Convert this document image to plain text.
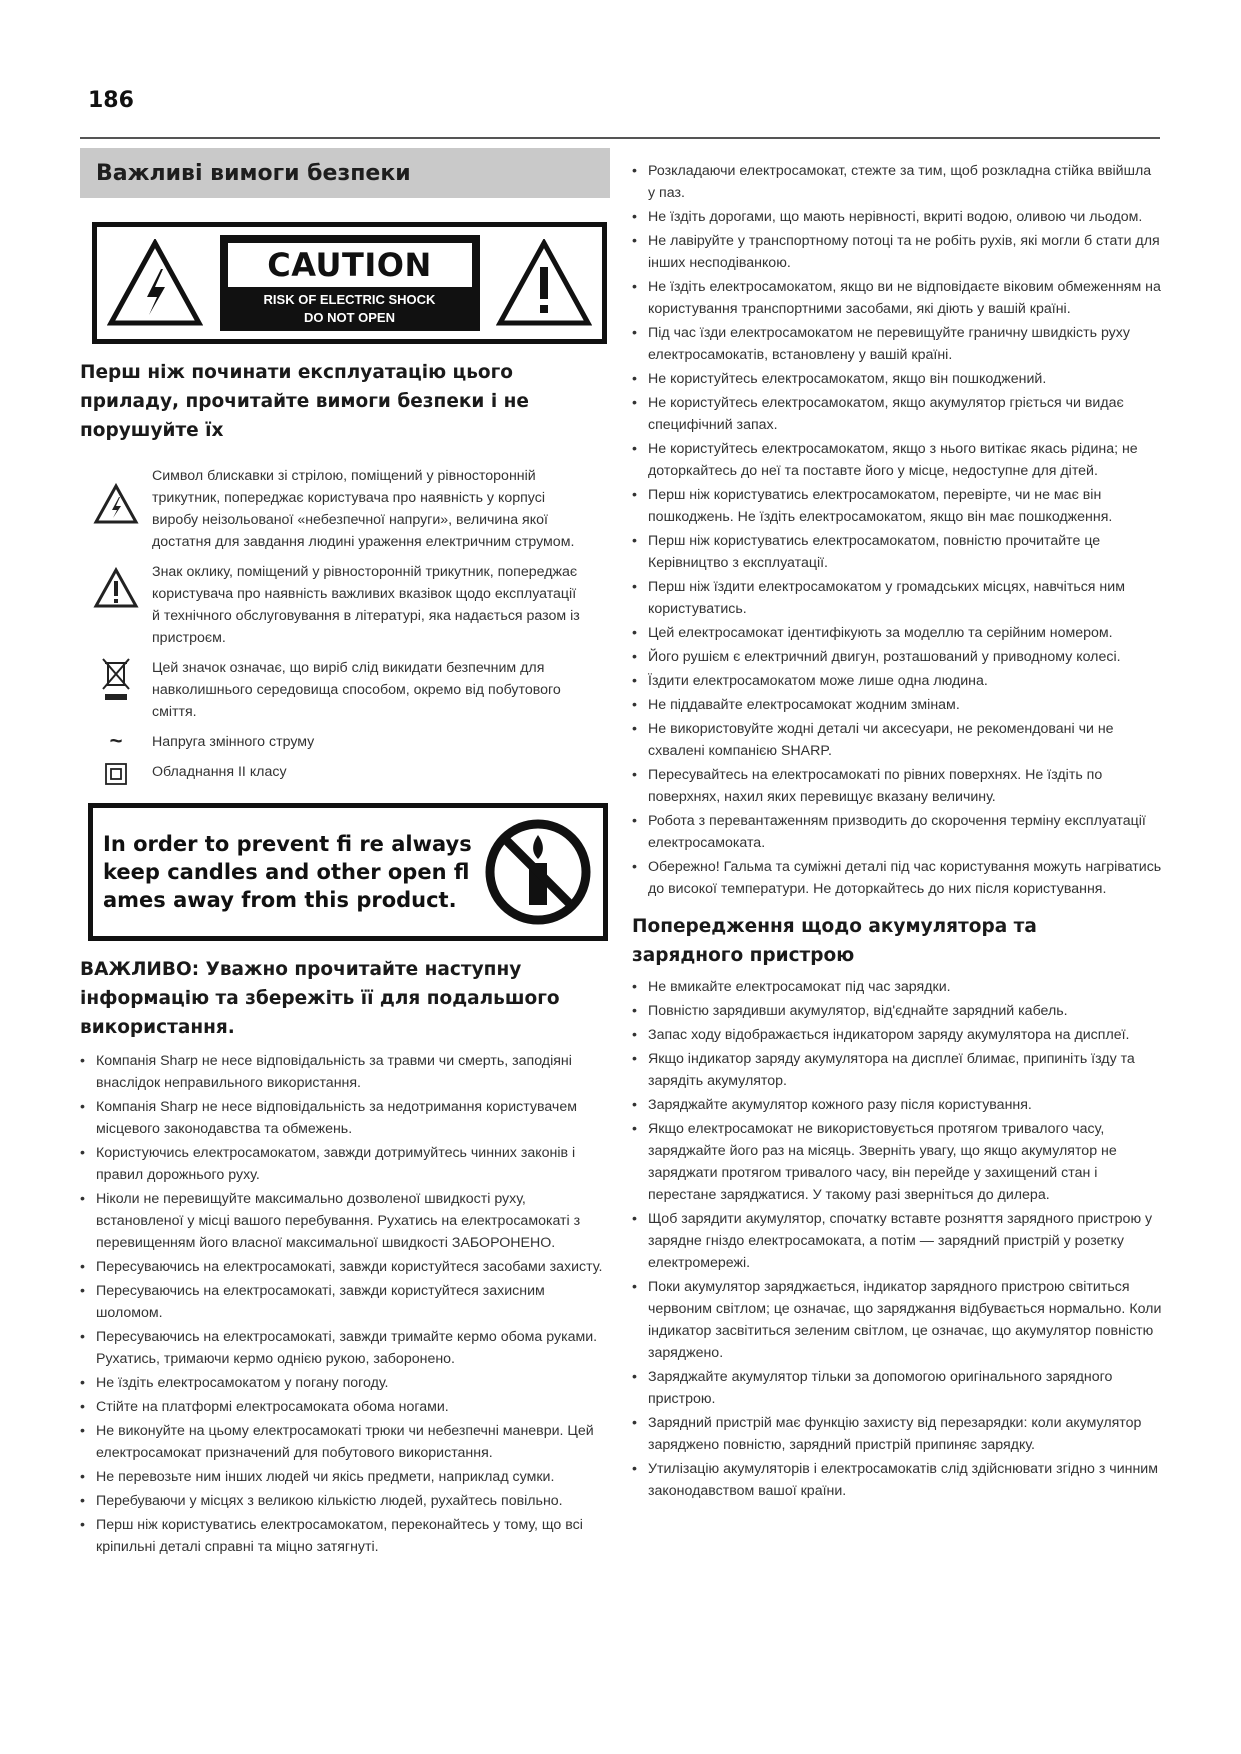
186
Важливі вимоги безпеки
CAUTION
RISK OF ELECTRIC SHOCK
DO NOT OPEN
Перш ніж починати експлуатацію цього приладу, прочитайте вимоги безпеки і не порушуйте їх
Символ блискавки зі стрілою, поміщений у рівносторонній трикутник, попереджає користувача про наявність у корпусі виробу неізольованої «небезпечної напруги», величина якої достатня для завдання людині ураження електричним струмом.
Знак оклику, поміщений у рівносторонній трикутник, попереджає користувача про наявність важливих вказівок щодо експлуатації й технічного обслуговування в літературі, яка надається разом із пристроєм.
Цей значок означає, що виріб слід викидати безпечним для навколишнього середовища способом, окремо від побутового сміття.
~	Напруга змінного струму
Обладнання II класу
In order to prevent fi re always keep candles and other open fl ames away from this product.
ВАЖЛИВО: Уважно прочитайте наступну інформацію та збережіть її для подальшого використання.
• Компанія Sharp не несе відповідальність за травми чи смерть, заподіяні внаслідок неправильного використання.
• Компанія Sharp не несе відповідальність за недотримання користувачем місцевого законодавства та обмежень.
• Користуючись електросамокатом, завжди дотримуйтесь чинних законів і правил дорожнього руху.
• Ніколи не перевищуйте максимально дозволеної швидкості руху, встановленої у місці вашого перебування. Рухатись на електросамокаті з перевищенням його власної максимальної швидкості ЗАБОРОНЕНО.
• Пересуваючись на електросамокаті, завжди користуйтеся засобами захисту.
• Пересуваючись на електросамокаті, завжди користуйтеся захисним шоломом.
• Пересуваючись на електросамокаті, завжди тримайте кермо обома руками. Рухатись, тримаючи кермо однією рукою, заборонено.
• Не їздіть електросамокатом у погану погоду.
• Стійте на платформі електросамоката обома ногами.
• Не виконуйте на цьому електросамокаті трюки чи небезпечні маневри. Цей електросамокат призначений для побутового використання.
• Не перевозьте ним інших людей чи якісь предмети, наприклад сумки.
• Перебуваючи у місцях з великою кількістю людей, рухайтесь повільно.
• Перш ніж користуватись електросамокатом, переконайтесь у тому, що всі кріпильні деталі справні та міцно затягнуті.
• Розкладаючи електросамокат, стежте за тим, щоб розкладна стійка ввійшла у паз.
• Не їздіть дорогами, що мають нерівності, вкриті водою, оливою чи льодом.
• Не лавіруйте у транспортному потоці та не робіть рухів, які могли б стати для інших несподіванкою.
• Не їздіть електросамокатом, якщо ви не відповідаєте віковим обмеженням на користування транспортними засобами, які діють у вашій країні.
• Під час їзди електросамокатом не перевищуйте граничну швидкість руху електросамокатів, встановлену у вашій країні.
• Не користуйтесь електросамокатом, якщо він пошкоджений.
• Не користуйтесь електросамокатом, якщо акумулятор гріється чи видає специфічний запах.
• Не користуйтесь електросамокатом, якщо з нього витікає якась рідина; не доторкайтесь до неї та поставте його у місце, недоступне для дітей.
• Перш ніж користуватись електросамокатом, перевірте, чи не має він пошкоджень. Не їздіть електросамокатом, якщо він має пошкодження.
• Перш ніж користуватись електросамокатом, повністю прочитайте це Керівництво з експлуатації.
• Перш ніж їздити електросамокатом у громадських місцях, навчіться ним користуватись.
• Цей електросамокат ідентифікують за моделлю та серійним номером.
• Його рушієм є електричний двигун, розташований у приводному колесі.
• Їздити електросамокатом може лише одна людина.
• Не піддавайте електросамокат жодним змінам.
• Не використовуйте жодні деталі чи аксесуари, не рекомендовані чи не схвалені компанією SHARP.
• Пересувайтесь на електросамокаті по рівних поверхнях. Не їздіть по поверхнях, нахил яких перевищує вказану величину.
• Робота з перевантаженням призводить до скорочення терміну експлуатації електросамоката.
• Обережно! Гальма та суміжні деталі під час користування можуть нагріватись до високої температури. Не доторкайтесь до них після користування.
Попередження щодо акумулятора та зарядного пристрою
• Не вмикайте електросамокат під час зарядки.
• Повністю зарядивши акумулятор, від'єднайте зарядний кабель.
• Запас ходу відображається індикатором заряду акумулятора на дисплеї.
• Якщо індикатор заряду акумулятора на дисплеї блимає, припиніть їзду та зарядіть акумулятор.
• Заряджайте акумулятор кожного разу після користування.
• Якщо електросамокат не використовується протягом тривалого часу, заряджайте його раз на місяць. Зверніть увагу, що якщо акумулятор не заряджати протягом тривалого часу, він перейде у захищений стан і перестане заряджатися. У такому разі зверніться до дилера.
• Щоб зарядити акумулятор, спочатку вставте розняття зарядного пристрою у зарядне гніздо електросамоката, а потім — зарядний пристрій у розетку електромережі.
• Поки акумулятор заряджається, індикатор зарядного пристрою світиться червоним світлом; це означає, що заряджання відбувається нормально. Коли індикатор засвітиться зеленим світлом, це означає, що акумулятор повністю заряджено.
• Заряджайте акумулятор тільки за допомогою оригінального зарядного пристрою.
• Зарядний пристрій має функцію захисту від перезарядки: коли акумулятор заряджено повністю, зарядний пристрій припиняє зарядку.
• Утилізацію акумуляторів і електросамокатів слід здійснювати згідно з чинним законодавством вашої країни.
